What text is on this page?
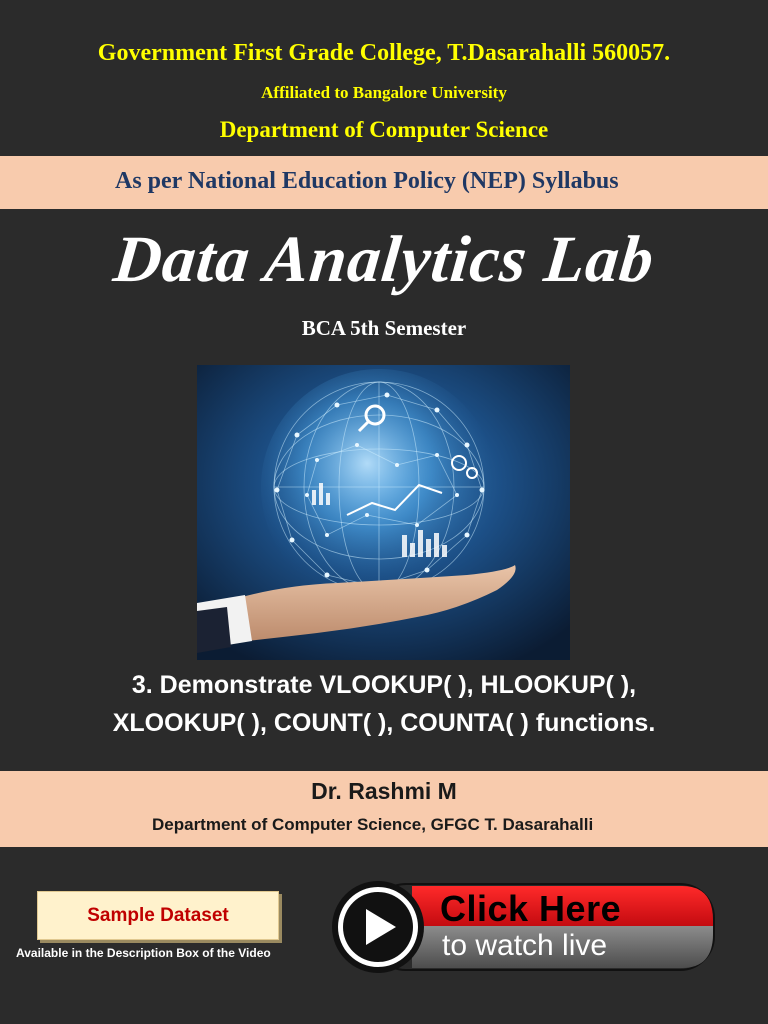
Government First Grade College, T.Dasarahalli 560057.
Affiliated to Bangalore University
Department of Computer Science
As per National Education Policy (NEP) Syllabus
Data Analytics Lab
BCA 5th Semester
3. Demonstrate VLOOKUP( ), HLOOKUP( ),
XLOOKUP( ), COUNT( ), COUNTA( ) functions.
Dr. Rashmi M
Department of Computer Science, GFGC T. Dasarahalli
Sample Dataset
Available in the Description Box of the Video
Click Here
to watch live
